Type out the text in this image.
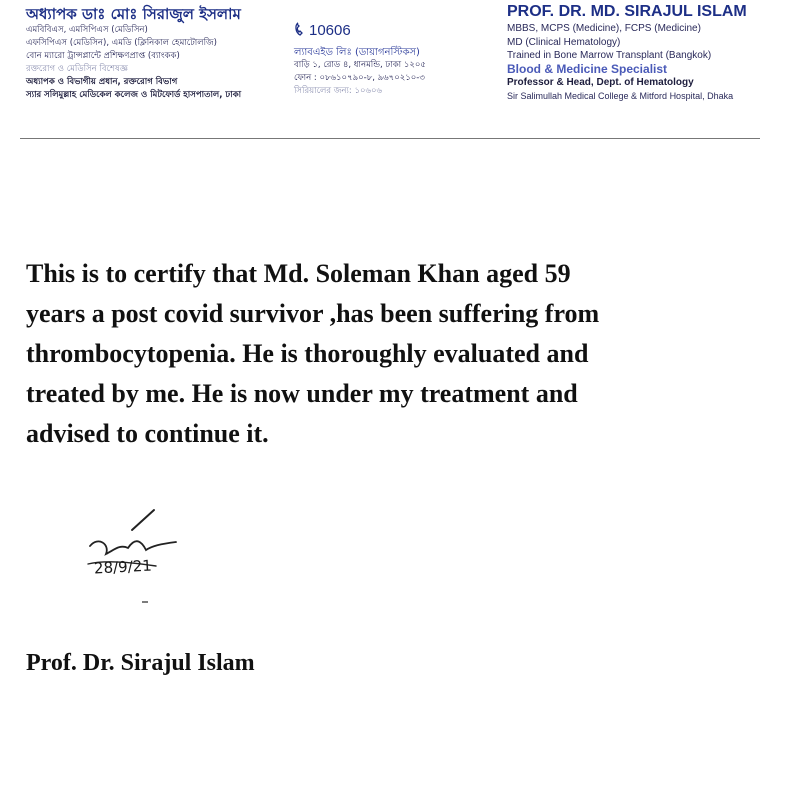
অধ্যাপক ডাঃ মোঃ সিরাজুল ইসলাম
এমবিবিএস, এমসিপিএস (মেডিসিন)
এফসিপিএস (মেডিসিন), এমডি (ক্লিনিকাল হেমাটোলজি)
বোন ম্যারো ট্রান্সপ্লান্টে প্রশিক্ষণপ্রাপ্ত (ব্যাংকক)
রক্তরোগ ও মেডিসিন বিশেষজ্ঞ
অধ্যাপক ও বিভাগীয় প্রধান, রক্তরোগ বিভাগ
স্যার সলিমুল্লাহ মেডিকেল কলেজ ও মিটফোর্ড হাসপাতাল, ঢাকা
10606
ল্যাবএইড লিঃ (ডায়াগনস্টিকস)
বাড়ি ১, রোড ৪, ধানমন্ডি, ঢাকা ১২০৫
ফোন : ০৮৬১০৭৯০-৮, ৯৬৭০২১০-৩
সিরিয়ালের জন্য: ১০৬০৬
PROF. DR. MD. SIRAJUL ISLAM
MBBS, MCPS (Medicine), FCPS (Medicine)
MD (Clinical Hematology)
Trained in Bone Marrow Transplant (Bangkok)
Blood & Medicine Specialist
Professor & Head, Dept. of Hematology
Sir Salimullah Medical College & Mitford Hospital, Dhaka
This is to certify that Md. Soleman Khan aged 59
years a post covid survivor ,has been suffering from
thrombocytopenia. He is thoroughly evaluated and
treated by me. He is now under my treatment and
advised to continue it.
28/9/21
Prof. Dr. Sirajul Islam
